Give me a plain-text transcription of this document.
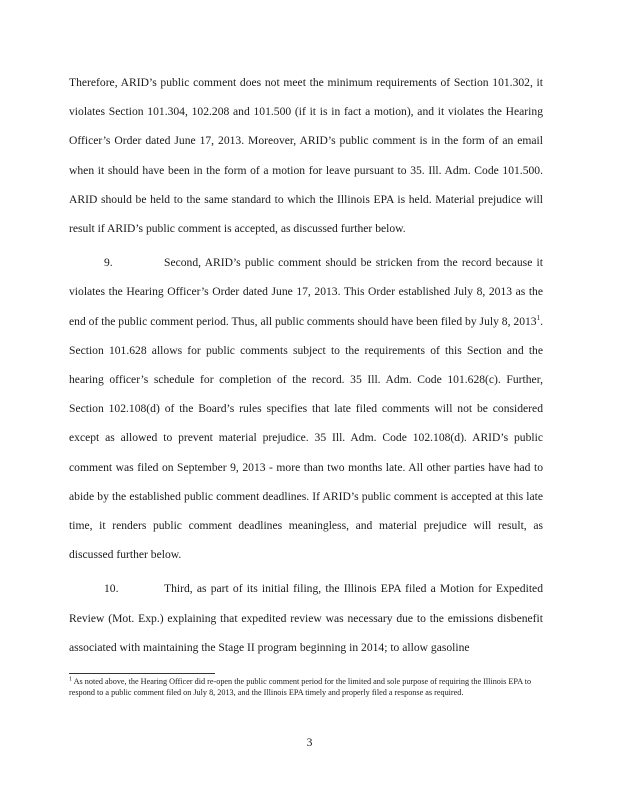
Therefore, ARID’s public comment does not meet the minimum requirements of Section 101.302, it violates Section 101.304, 102.208 and 101.500 (if it is in fact a motion), and it violates the Hearing Officer’s Order dated June 17, 2013. Moreover, ARID’s public comment is in the form of an email when it should have been in the form of a motion for leave pursuant to 35. Ill. Adm. Code 101.500. ARID should be held to the same standard to which the Illinois EPA is held. Material prejudice will result if ARID’s public comment is accepted, as discussed further below.

9.	Second, ARID’s public comment should be stricken from the record because it violates the Hearing Officer’s Order dated June 17, 2013. This Order established July 8, 2013 as the end of the public comment period. Thus, all public comments should have been filed by July 8, 2013$^1$. Section 101.628 allows for public comments subject to the requirements of this Section and the hearing officer’s schedule for completion of the record. 35 Ill. Adm. Code 101.628(c). Further, Section 102.108(d) of the Board’s rules specifies that late filed comments will not be considered except as allowed to prevent material prejudice. 35 Ill. Adm. Code 102.108(d). ARID’s public comment was filed on September 9, 2013 - more than two months late. All other parties have had to abide by the established public comment deadlines. If ARID’s public comment is accepted at this late time, it renders public comment deadlines meaningless, and material prejudice will result, as discussed further below.

10.	Third, as part of its initial filing, the Illinois EPA filed a Motion for Expedited Review (Mot. Exp.) explaining that expedited review was necessary due to the emissions disbenefit associated with maintaining the Stage II program beginning in 2014; to allow gasoline

$^1$ As noted above, the Hearing Officer did re-open the public comment period for the limited and sole purpose of requiring the Illinois EPA to respond to a public comment filed on July 8, 2013, and the Illinois EPA timely and properly filed a response as required.
3
